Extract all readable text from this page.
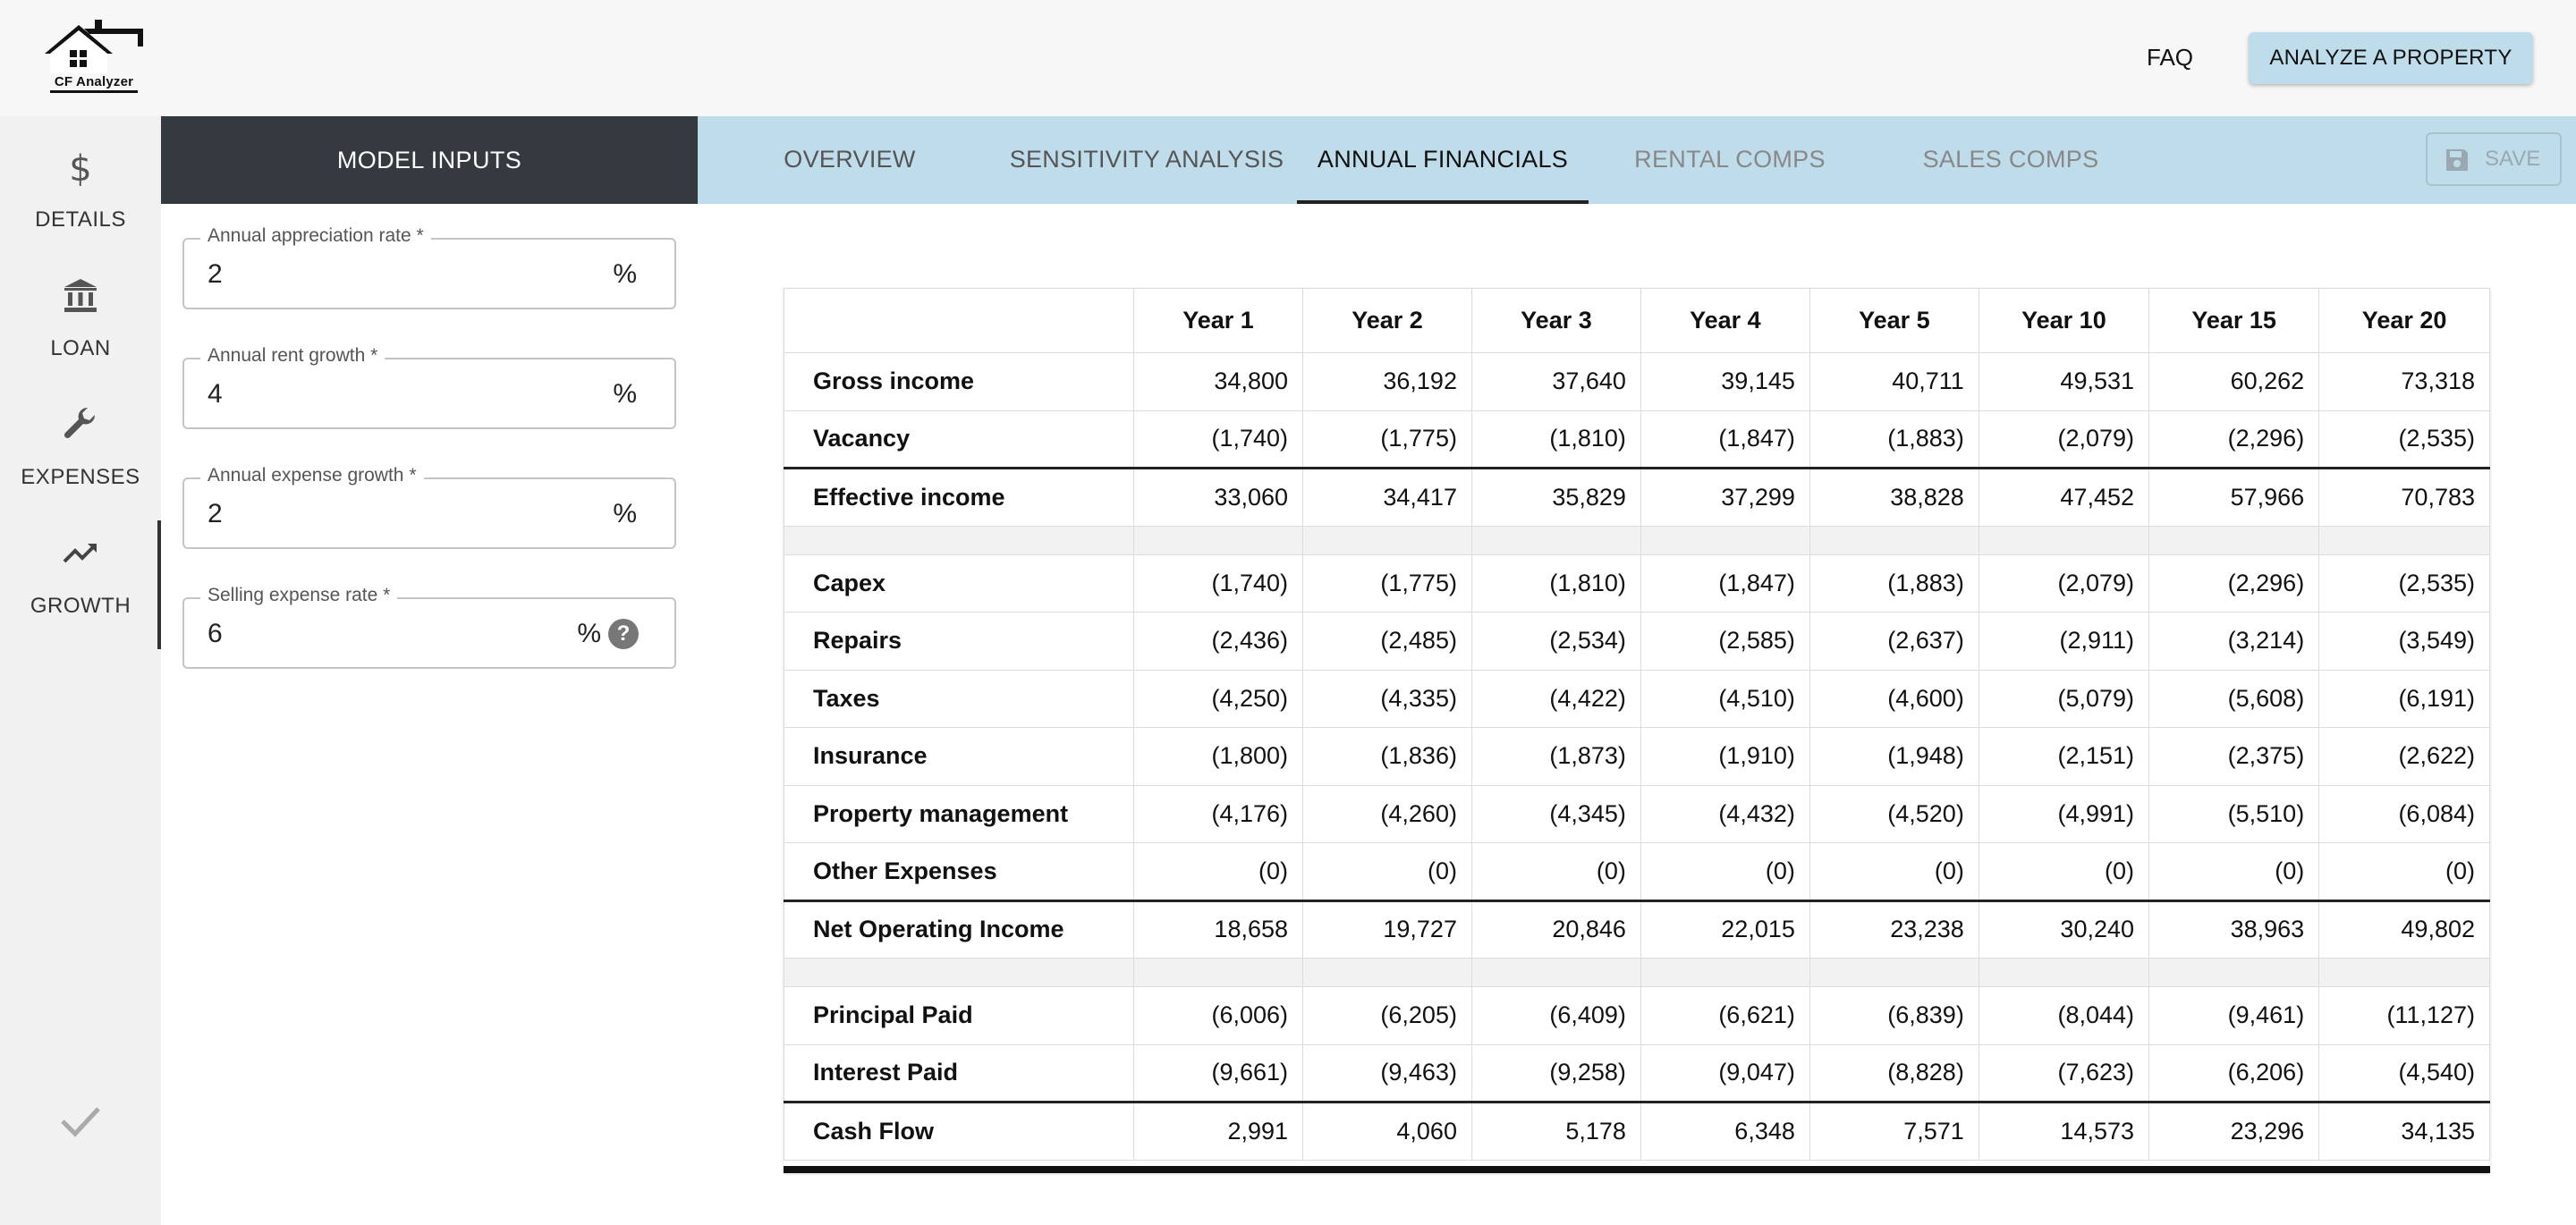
CF Analyzer
FAQ	ANALYZE A PROPERTY
$
DETAILS
LOAN
EXPENSES
GROWTH
MODEL INPUTS
Annual appreciation rate *
2	%
Annual rent growth *
4	%
Annual expense growth *
2	%
Selling expense rate *
6	% ?
OVERVIEW	SENSITIVITY ANALYSIS	ANNUAL FINANCIALS	RENTAL COMPS	SALES COMPS	SAVE
	Year 1	Year 2	Year 3	Year 4	Year 5	Year 10	Year 15	Year 20
Gross income	34,800	36,192	37,640	39,145	40,711	49,531	60,262	73,318
Vacancy	(1,740)	(1,775)	(1,810)	(1,847)	(1,883)	(2,079)	(2,296)	(2,535)
Effective income	33,060	34,417	35,829	37,299	38,828	47,452	57,966	70,783

Capex	(1,740)	(1,775)	(1,810)	(1,847)	(1,883)	(2,079)	(2,296)	(2,535)
Repairs	(2,436)	(2,485)	(2,534)	(2,585)	(2,637)	(2,911)	(3,214)	(3,549)
Taxes	(4,250)	(4,335)	(4,422)	(4,510)	(4,600)	(5,079)	(5,608)	(6,191)
Insurance	(1,800)	(1,836)	(1,873)	(1,910)	(1,948)	(2,151)	(2,375)	(2,622)
Property management	(4,176)	(4,260)	(4,345)	(4,432)	(4,520)	(4,991)	(5,510)	(6,084)
Other Expenses	(0)	(0)	(0)	(0)	(0)	(0)	(0)	(0)
Net Operating Income	18,658	19,727	20,846	22,015	23,238	30,240	38,963	49,802

Principal Paid	(6,006)	(6,205)	(6,409)	(6,621)	(6,839)	(8,044)	(9,461)	(11,127)
Interest Paid	(9,661)	(9,463)	(9,258)	(9,047)	(8,828)	(7,623)	(6,206)	(4,540)
Cash Flow	2,991	4,060	5,178	6,348	7,571	14,573	23,296	34,135
